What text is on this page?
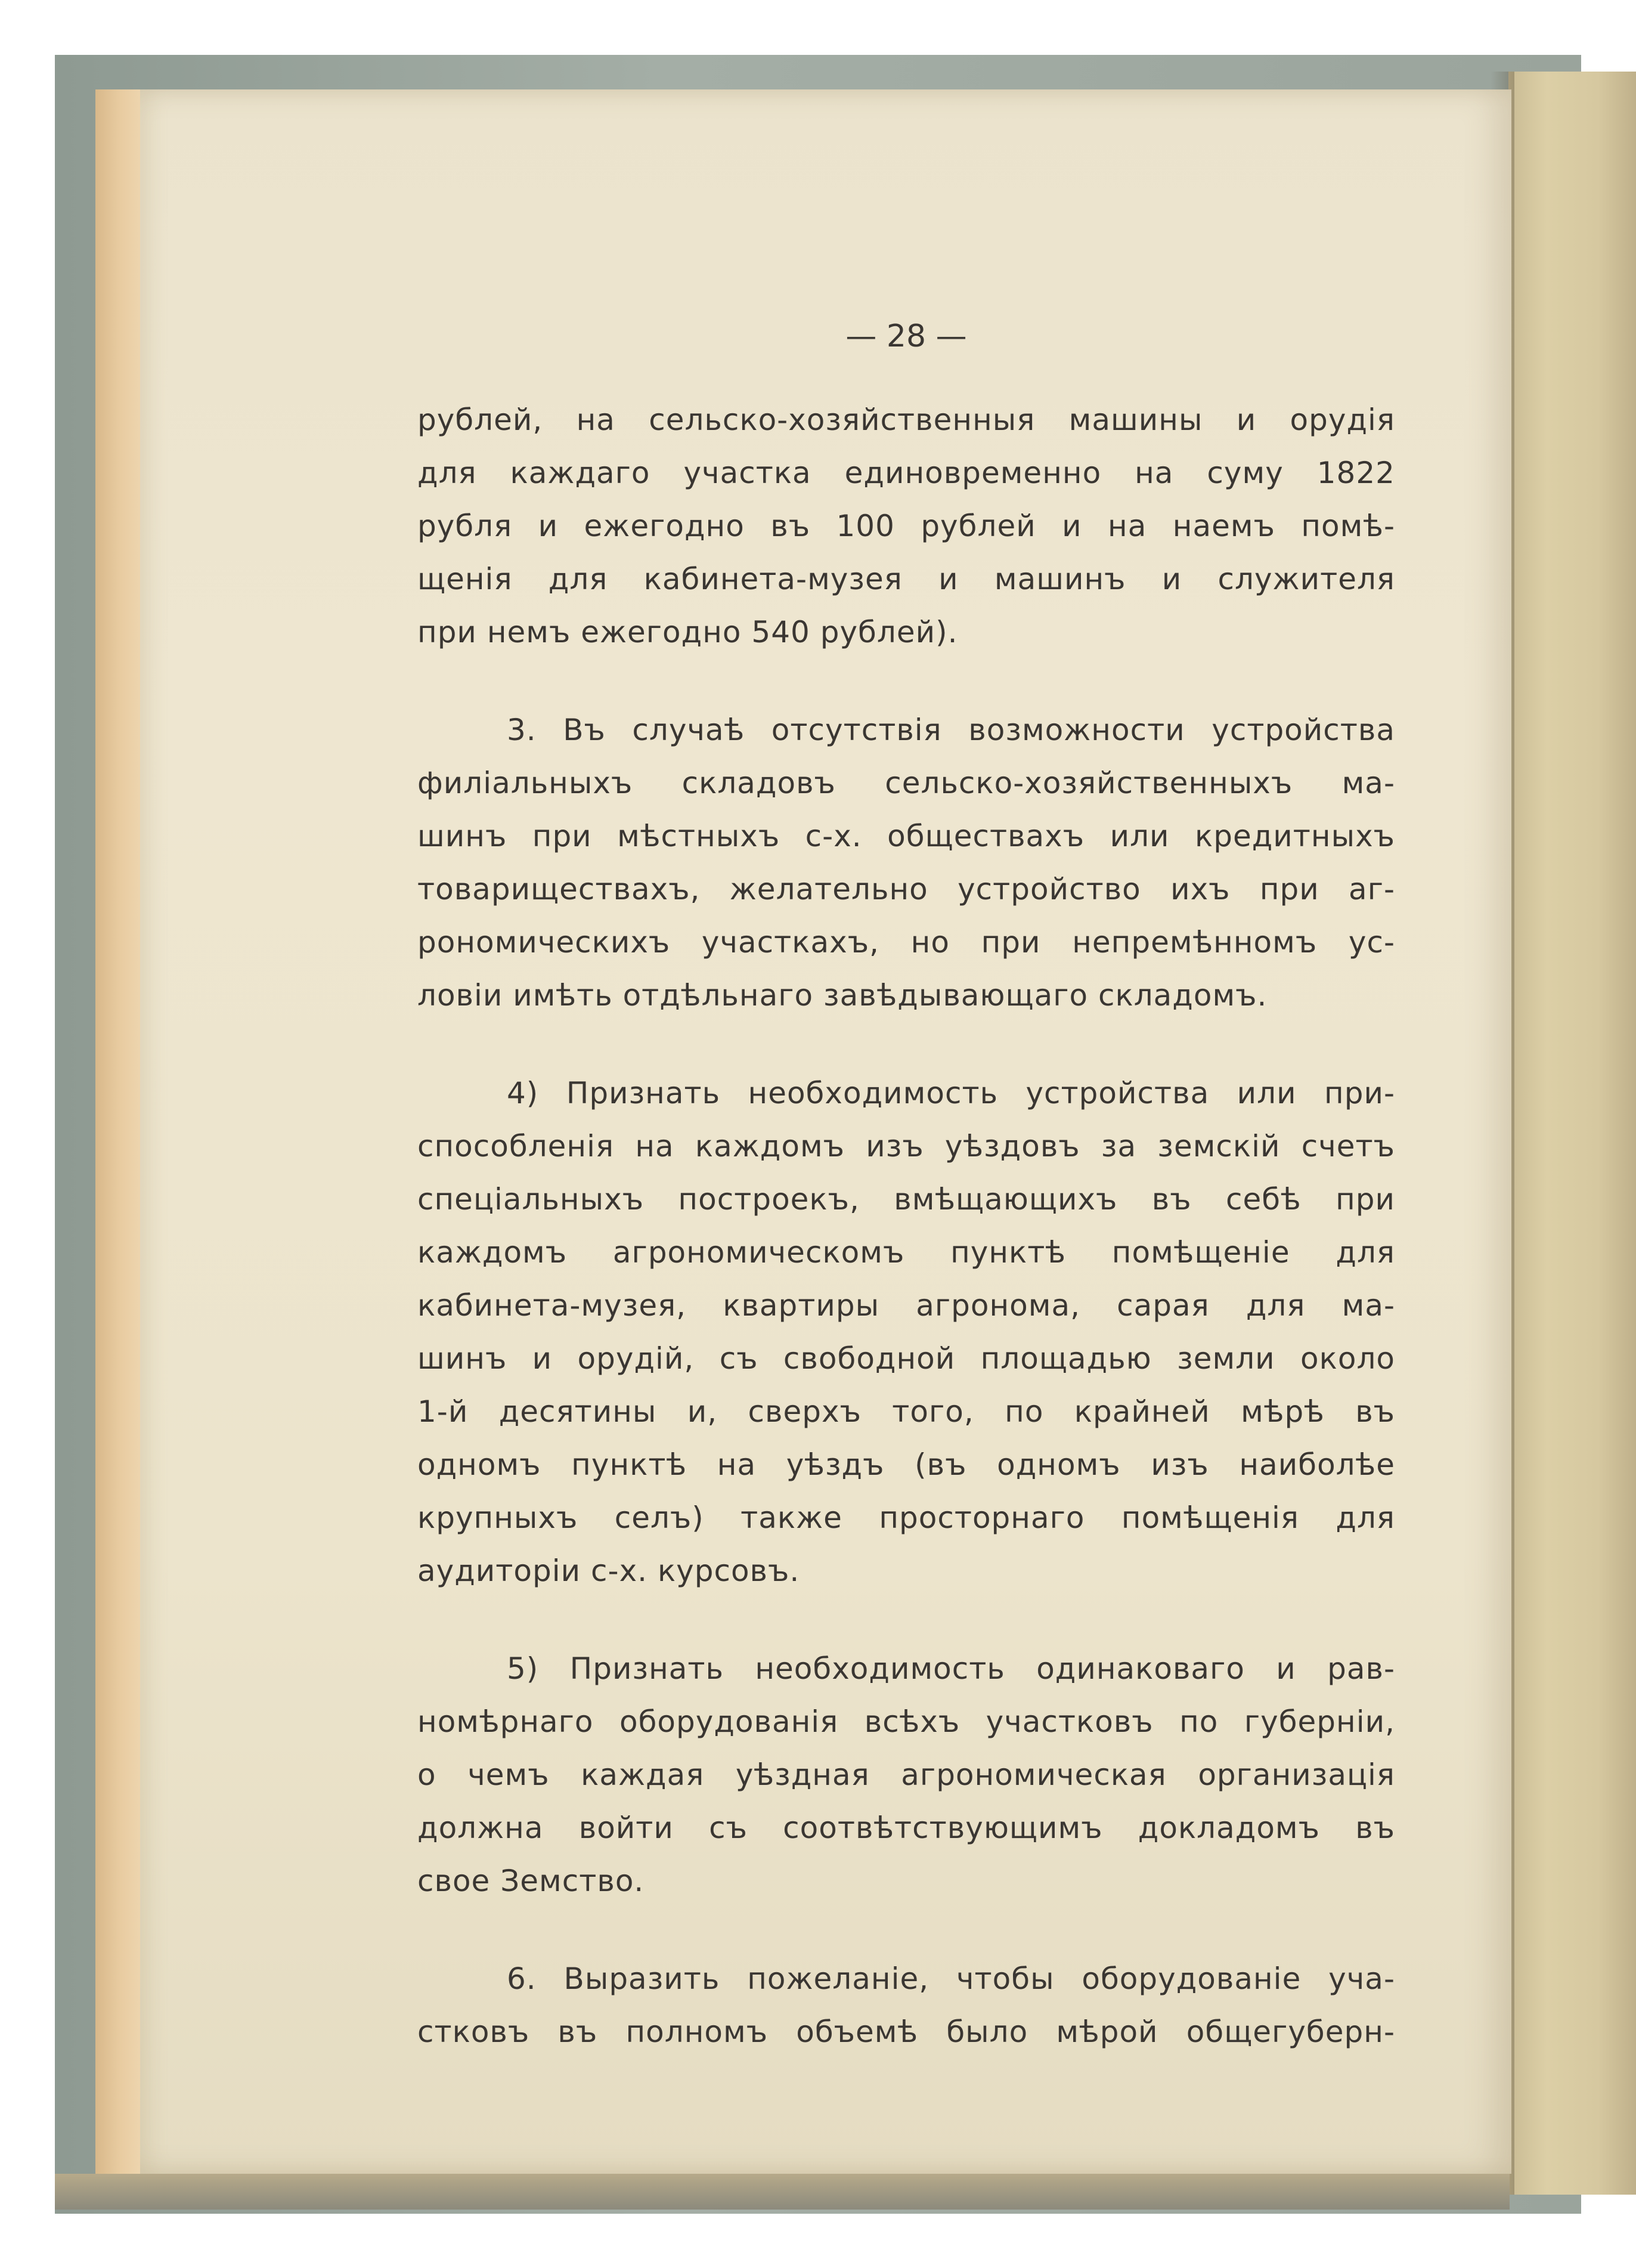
— 28 —
рублей, на сельско-хозяйственныя машины и орудія
для каждаго участка единовременно на суму 1822
рубля и ежегодно въ 100 рублей и на наемъ помѣ-
щенія для кабинета-музея и машинъ и служителя
при немъ ежегодно 540 рублей).
3. Въ случаѣ отсутствія возможности устройства
филіальныхъ складовъ сельско-хозяйственныхъ ма-
шинъ при мѣстныхъ с-х. обществахъ или кредитныхъ
товариществахъ, желательно устройство ихъ при аг-
рономическихъ участкахъ, но при непремѣнномъ ус-
ловіи имѣть отдѣльнаго завѣдывающаго складомъ.
4) Признать необходимость устройства или при-
способленія на каждомъ изъ уѣздовъ за земскій счетъ
спеціальныхъ построекъ, вмѣщающихъ въ себѣ при
каждомъ агрономическомъ пунктѣ помѣщеніе для
кабинета-музея, квартиры агронома, сарая для ма-
шинъ и орудій, съ свободной площадью земли около
1-й десятины и, сверхъ того, по крайней мѣрѣ въ
одномъ пунктѣ на уѣздъ (въ одномъ изъ наиболѣе
крупныхъ селъ) также просторнаго помѣщенія для
аудиторіи с-х. курсовъ.
5) Признать необходимость одинаковаго и рав-
номѣрнаго оборудованія всѣхъ участковъ по губерніи,
о чемъ каждая уѣздная агрономическая организація
должна войти съ соотвѣтствующимъ докладомъ въ
свое Земство.
6. Выразить пожеланіе, чтобы оборудованіе уча-
стковъ въ полномъ объемѣ было мѣрой общегуберн-
